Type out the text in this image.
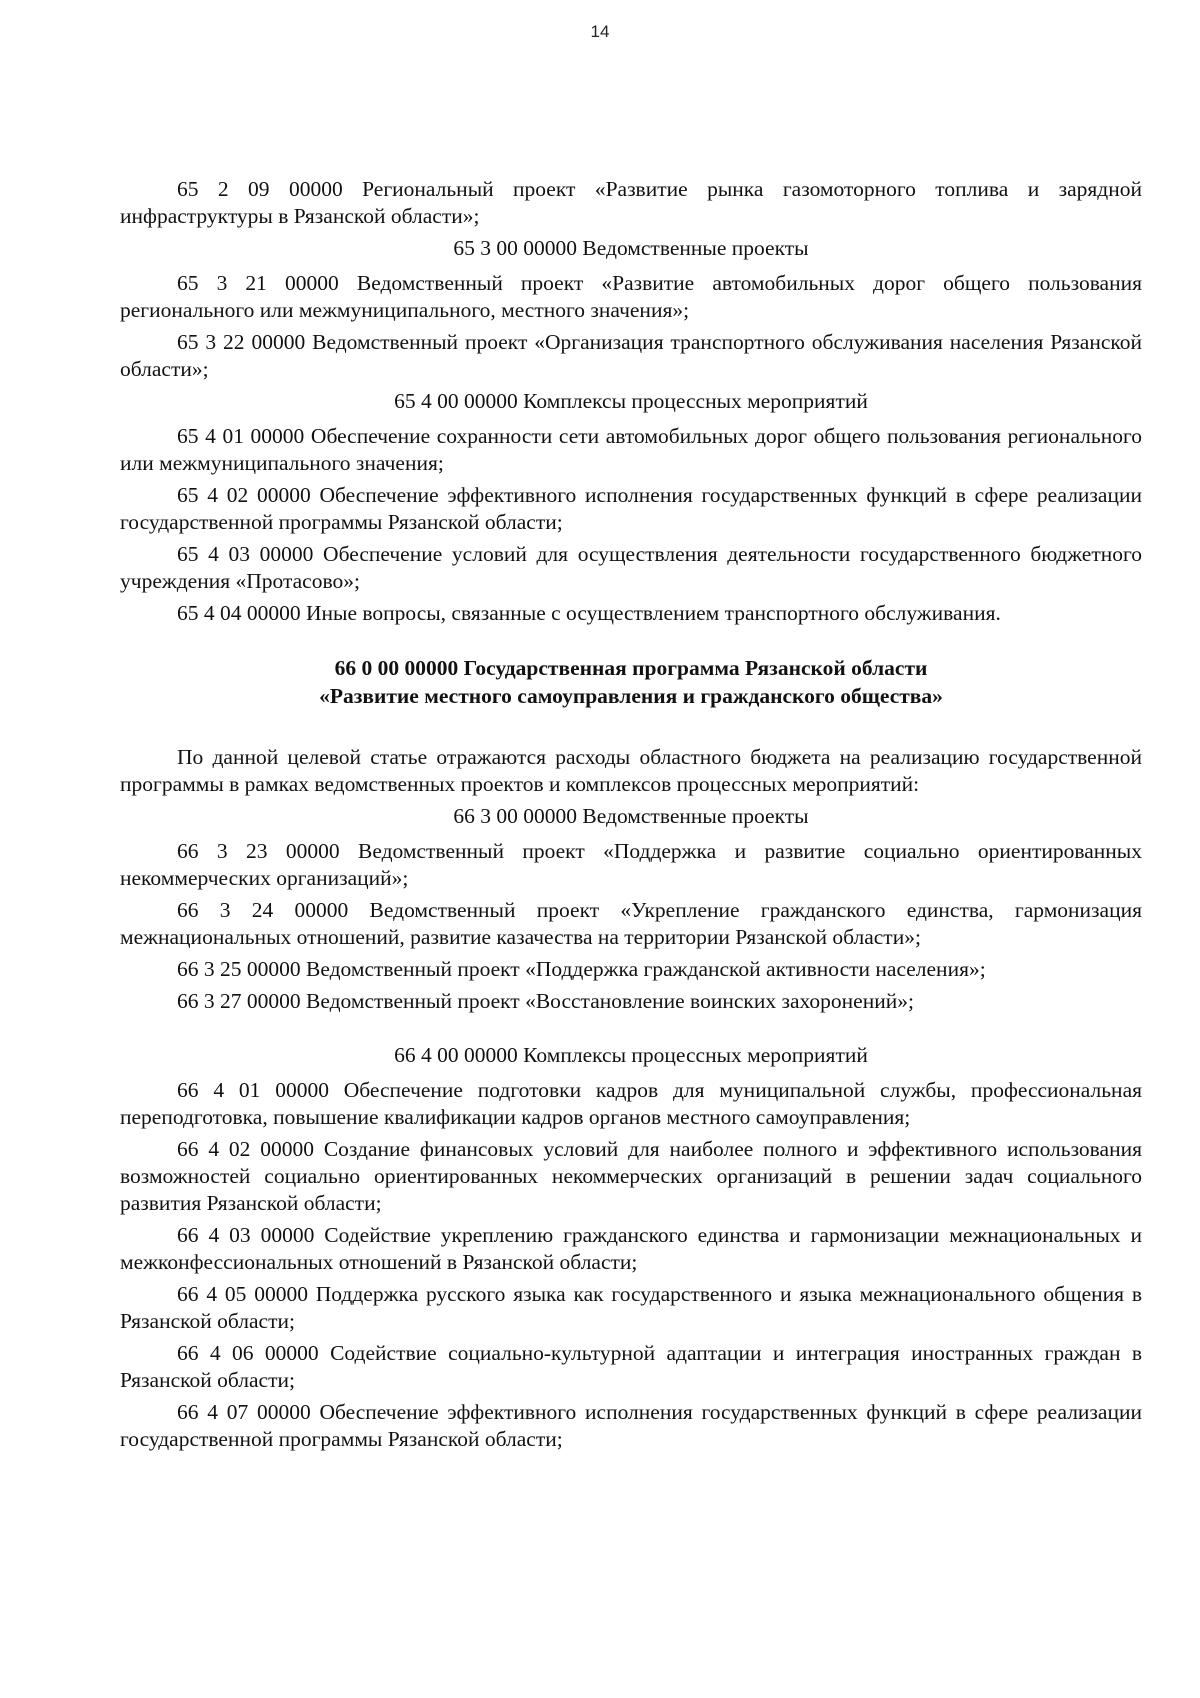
14

65 2 09 00000 Региональный проект «Развитие рынка газомоторного топлива и зарядной инфраструктуры в Рязанской области»;

65 3 00 00000 Ведомственные проекты

65 3 21 00000 Ведомственный проект «Развитие автомобильных дорог общего пользования регионального или межмуниципального, местного значения»;

65 3 22 00000 Ведомственный проект «Организация транспортного обслуживания населения Рязанской области»;

65 4 00 00000 Комплексы процессных мероприятий

65 4 01 00000 Обеспечение сохранности сети автомобильных дорог общего пользования регионального или межмуниципального значения;

65 4 02 00000 Обеспечение эффективного исполнения государственных функций в сфере реализации государственной программы Рязанской области;

65 4 03 00000 Обеспечение условий для осуществления деятельности государственного бюджетного учреждения «Протасово»;

65 4 04 00000 Иные вопросы, связанные с осуществлением транспортного обслуживания.

66 0 00 00000 Государственная программа Рязанской области

«Развитие местного самоуправления и гражданского общества»

По данной целевой статье отражаются расходы областного бюджета на реализацию государственной программы в рамках ведомственных проектов и комплексов процессных мероприятий:

66 3 00 00000 Ведомственные проекты

66 3 23 00000 Ведомственный проект «Поддержка и развитие социально ориентированных некоммерческих организаций»;

66 3 24 00000 Ведомственный проект «Укрепление гражданского единства, гармонизация межнациональных отношений, развитие казачества на территории Рязанской области»;

66 3 25 00000 Ведомственный проект «Поддержка гражданской активности населения»;

66 3 27 00000 Ведомственный проект «Восстановление воинских захоронений»;

66 4 00 00000 Комплексы процессных мероприятий

66 4 01 00000 Обеспечение подготовки кадров для муниципальной службы, профессиональная переподготовка, повышение квалификации кадров органов местного самоуправления;

66 4 02 00000 Создание финансовых условий для наиболее полного и эффективного использования возможностей социально ориентированных некоммерческих организаций в решении задач социального развития Рязанской области;

66 4 03 00000 Содействие укреплению гражданского единства и гармонизации межнациональных и межконфессиональных отношений в Рязанской области;

66 4 05 00000 Поддержка русского языка как государственного и языка межнационального общения в Рязанской области;

66 4 06 00000 Содействие социально-культурной адаптации и интеграция иностранных граждан в Рязанской области;

66 4 07 00000 Обеспечение эффективного исполнения государственных функций в сфере реализации государственной программы Рязанской области;
